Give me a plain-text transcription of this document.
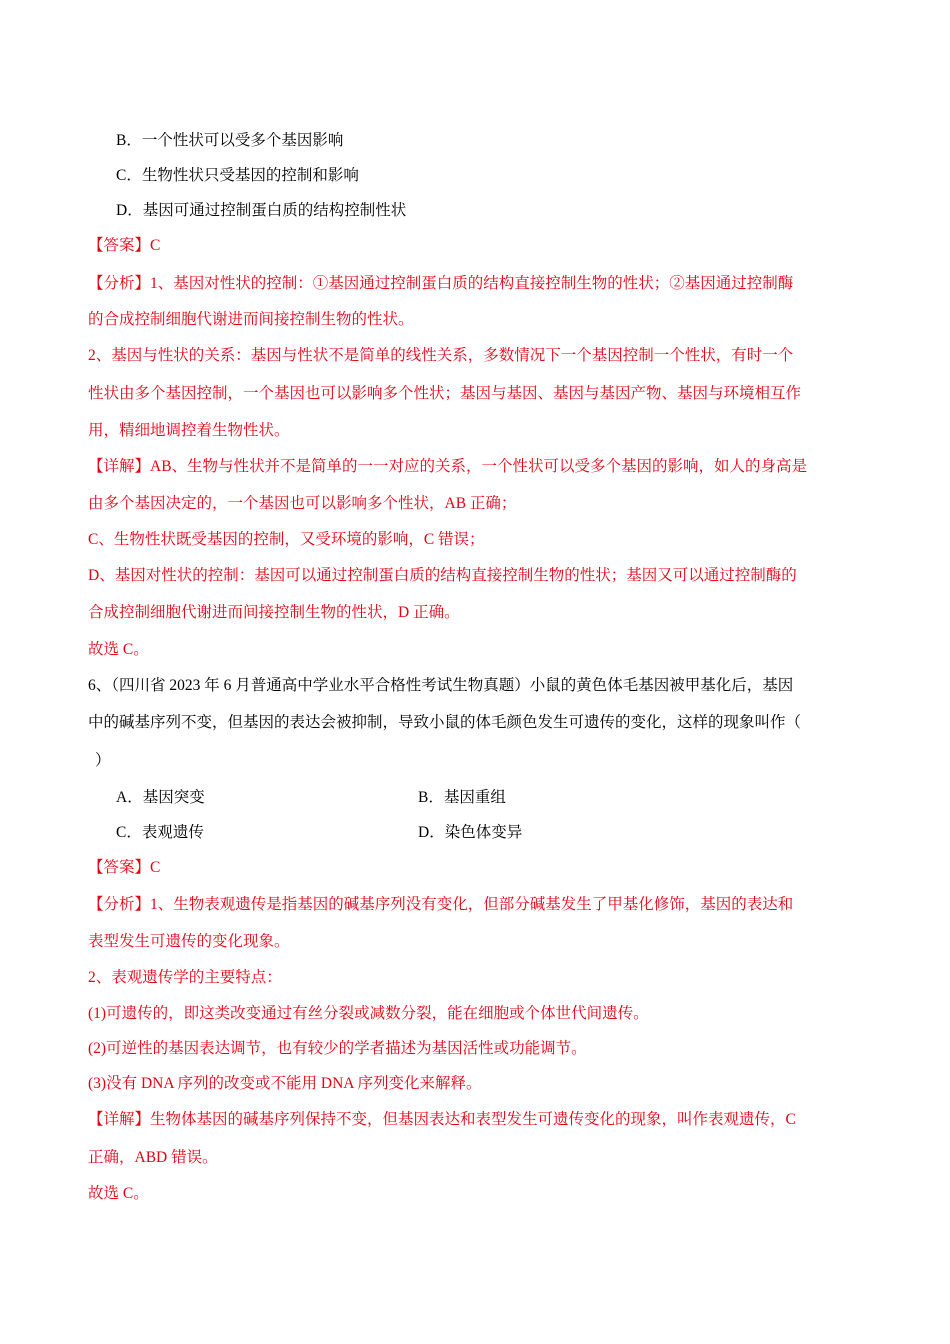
B．一个性状可以受多个基因影响
C．生物性状只受基因的控制和影响
D．基因可通过控制蛋白质的结构控制性状
【答案】C
【分析】1、基因对性状的控制：①基因通过控制蛋白质的结构直接控制生物的性状；②基因通过控制酶
的合成控制细胞代谢进而间接控制生物的性状。
2、基因与性状的关系：基因与性状不是简单的线性关系，多数情况下一个基因控制一个性状，有时一个
性状由多个基因控制，一个基因也可以影响多个性状；基因与基因、基因与基因产物、基因与环境相互作
用，精细地调控着生物性状。
【详解】AB、生物与性状并不是简单的一一对应的关系，一个性状可以受多个基因的影响，如人的身高是
由多个基因决定的，一个基因也可以影响多个性状，AB 正确；
C、生物性状既受基因的控制，又受环境的影响，C 错误；
D、基因对性状的控制：基因可以通过控制蛋白质的结构直接控制生物的性状；基因又可以通过控制酶的
合成控制细胞代谢进而间接控制生物的性状，D 正确。
故选 C。
6、（四川省 2023 年 6 月普通高中学业水平合格性考试生物真题）小鼠的黄色体毛基因被甲基化后，基因
中的碱基序列不变，但基因的表达会被抑制，导致小鼠的体毛颜色发生可遗传的变化，这样的现象叫作（
）
A．基因突变	B．基因重组
C．表观遗传	D．染色体变异
【答案】C
【分析】1、生物表观遗传是指基因的碱基序列没有变化，但部分碱基发生了甲基化修饰，基因的表达和
表型发生可遗传的变化现象。
2、表观遗传学的主要特点：
(1)可遗传的，即这类改变通过有丝分裂或减数分裂，能在细胞或个体世代间遗传。
(2)可逆性的基因表达调节，也有较少的学者描述为基因活性或功能调节。
(3)没有 DNA 序列的改变或不能用 DNA 序列变化来解释。
【详解】生物体基因的碱基序列保持不变，但基因表达和表型发生可遗传变化的现象，叫作表观遗传，C
正确，ABD 错误。
故选 C。
